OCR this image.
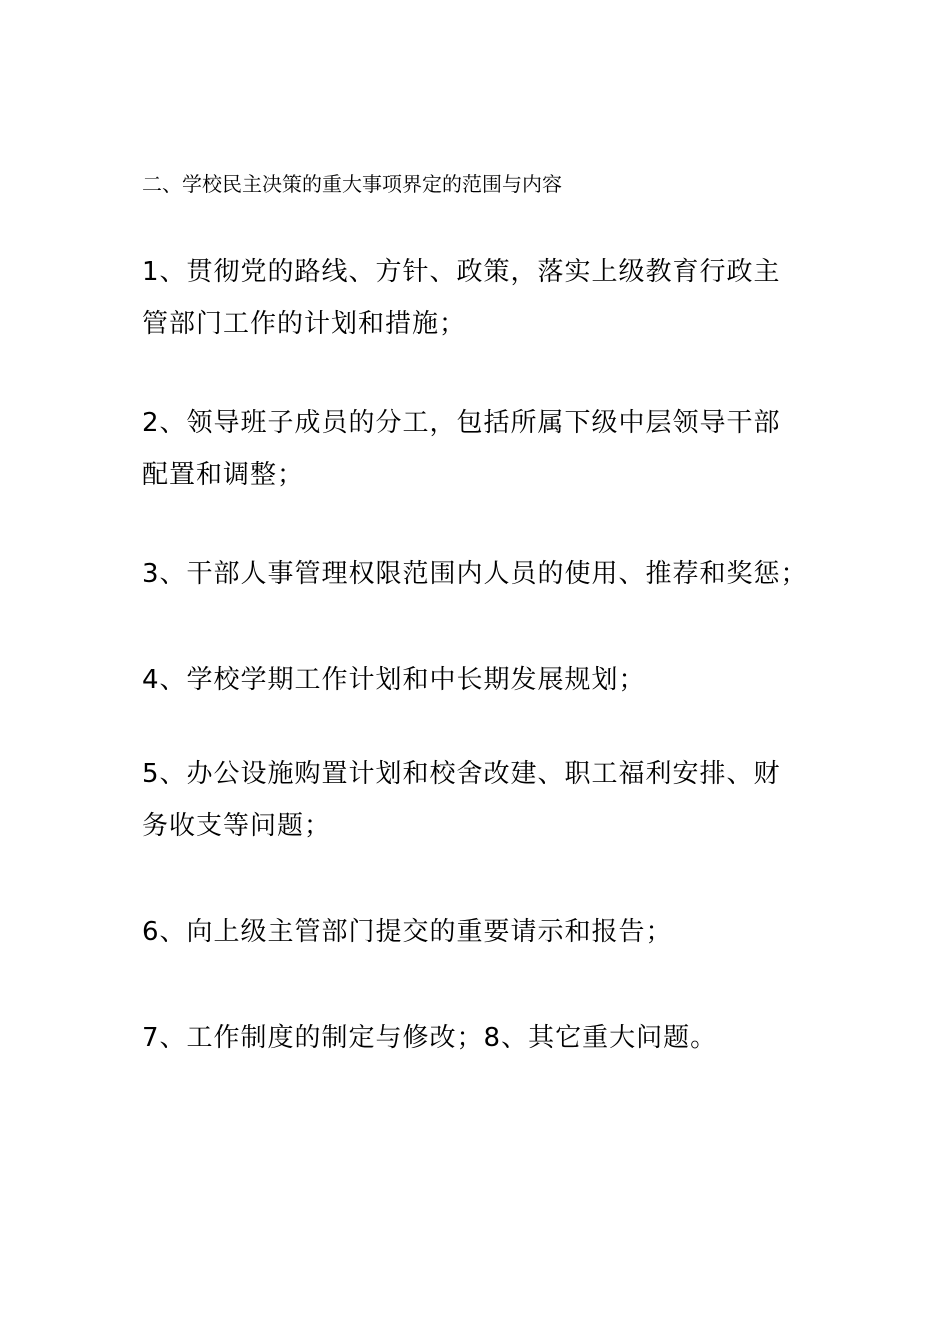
二、学校民主决策的重大事项界定的范围与内容

1、贯彻党的路线、方针、政策，落实上级教育行政主
管部门工作的计划和措施；

2、领导班子成员的分工，包括所属下级中层领导干部
配置和调整；

3、干部人事管理权限范围内人员的使用、推荐和奖惩；

4、学校学期工作计划和中长期发展规划；

5、办公设施购置计划和校舍改建、职工福利安排、财
务收支等问题；

6、向上级主管部门提交的重要请示和报告；

7、工作制度的制定与修改；8、其它重大问题。
